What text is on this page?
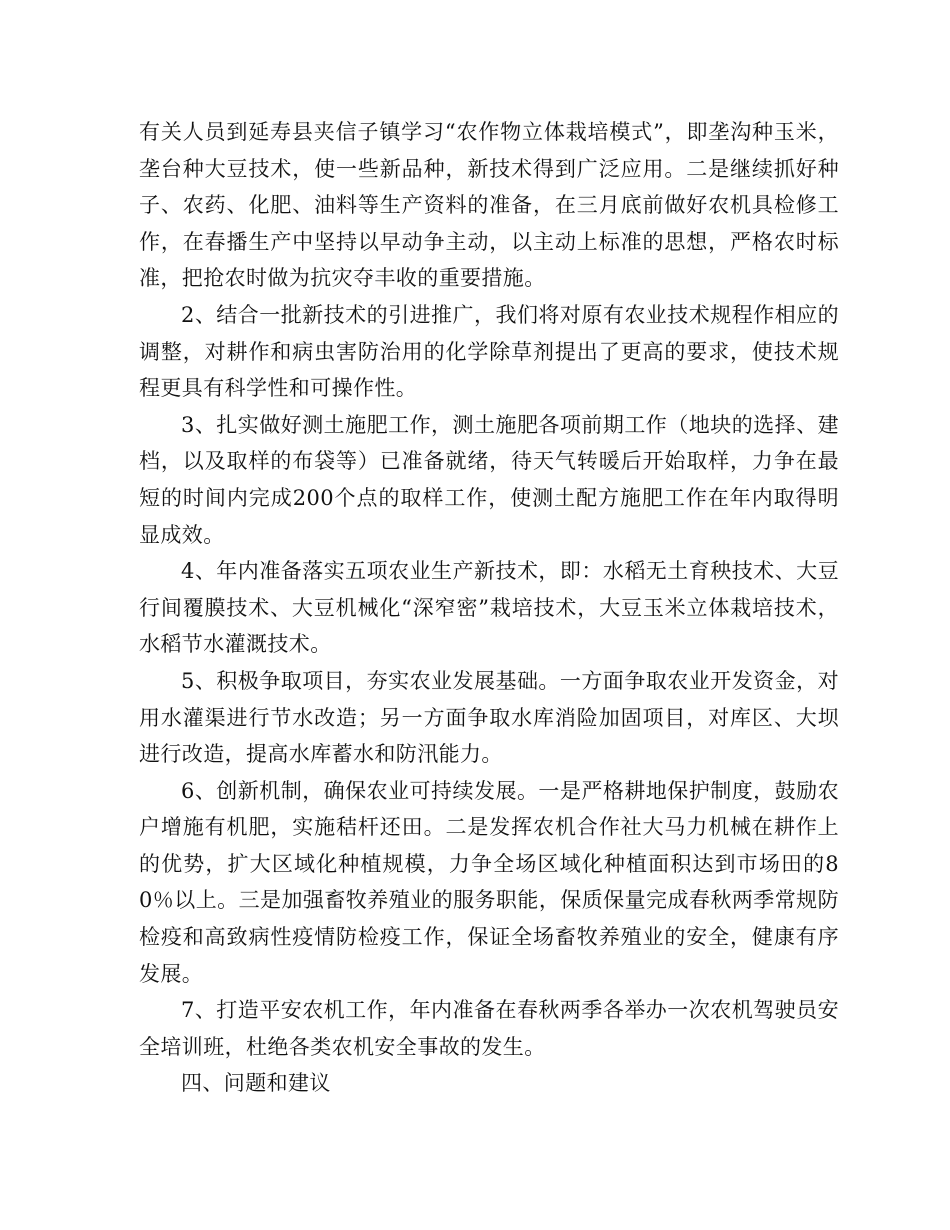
有关人员到延寿县夹信子镇学习“农作物立体栽培模式”，即垄沟种玉米，垄台种大豆技术，使一些新品种，新技术得到广泛应用。二是继续抓好种子、农药、化肥、油料等生产资料的准备，在三月底前做好农机具检修工作，在春播生产中坚持以早动争主动，以主动上标准的思想，严格农时标准，把抢农时做为抗灾夺丰收的重要措施。

2、结合一批新技术的引进推广，我们将对原有农业技术规程作相应的调整，对耕作和病虫害防治用的化学除草剂提出了更高的要求，使技术规程更具有科学性和可操作性。

3、扎实做好测土施肥工作，测土施肥各项前期工作（地块的选择、建档，以及取样的布袋等）已准备就绪，待天气转暖后开始取样，力争在最短的时间内完成200个点的取样工作，使测土配方施肥工作在年内取得明显成效。

4、年内准备落实五项农业生产新技术，即：水稻无土育秧技术、大豆行间覆膜技术、大豆机械化“深窄密”栽培技术，大豆玉米立体栽培技术，水稻节水灌溉技术。

5、积极争取项目，夯实农业发展基础。一方面争取农业开发资金，对用水灌渠进行节水改造；另一方面争取水库消险加固项目，对库区、大坝进行改造，提高水库蓄水和防汛能力。

6、创新机制，确保农业可持续发展。一是严格耕地保护制度，鼓励农户增施有机肥，实施秸杆还田。二是发挥农机合作社大马力机械在耕作上的优势，扩大区域化种植规模，力争全场区域化种植面积达到市场田的80％以上。三是加强畜牧养殖业的服务职能，保质保量完成春秋两季常规防检疫和高致病性疫情防检疫工作，保证全场畜牧养殖业的安全，健康有序发展。

7、打造平安农机工作，年内准备在春秋两季各举办一次农机驾驶员安全培训班，杜绝各类农机安全事故的发生。

四、问题和建议
